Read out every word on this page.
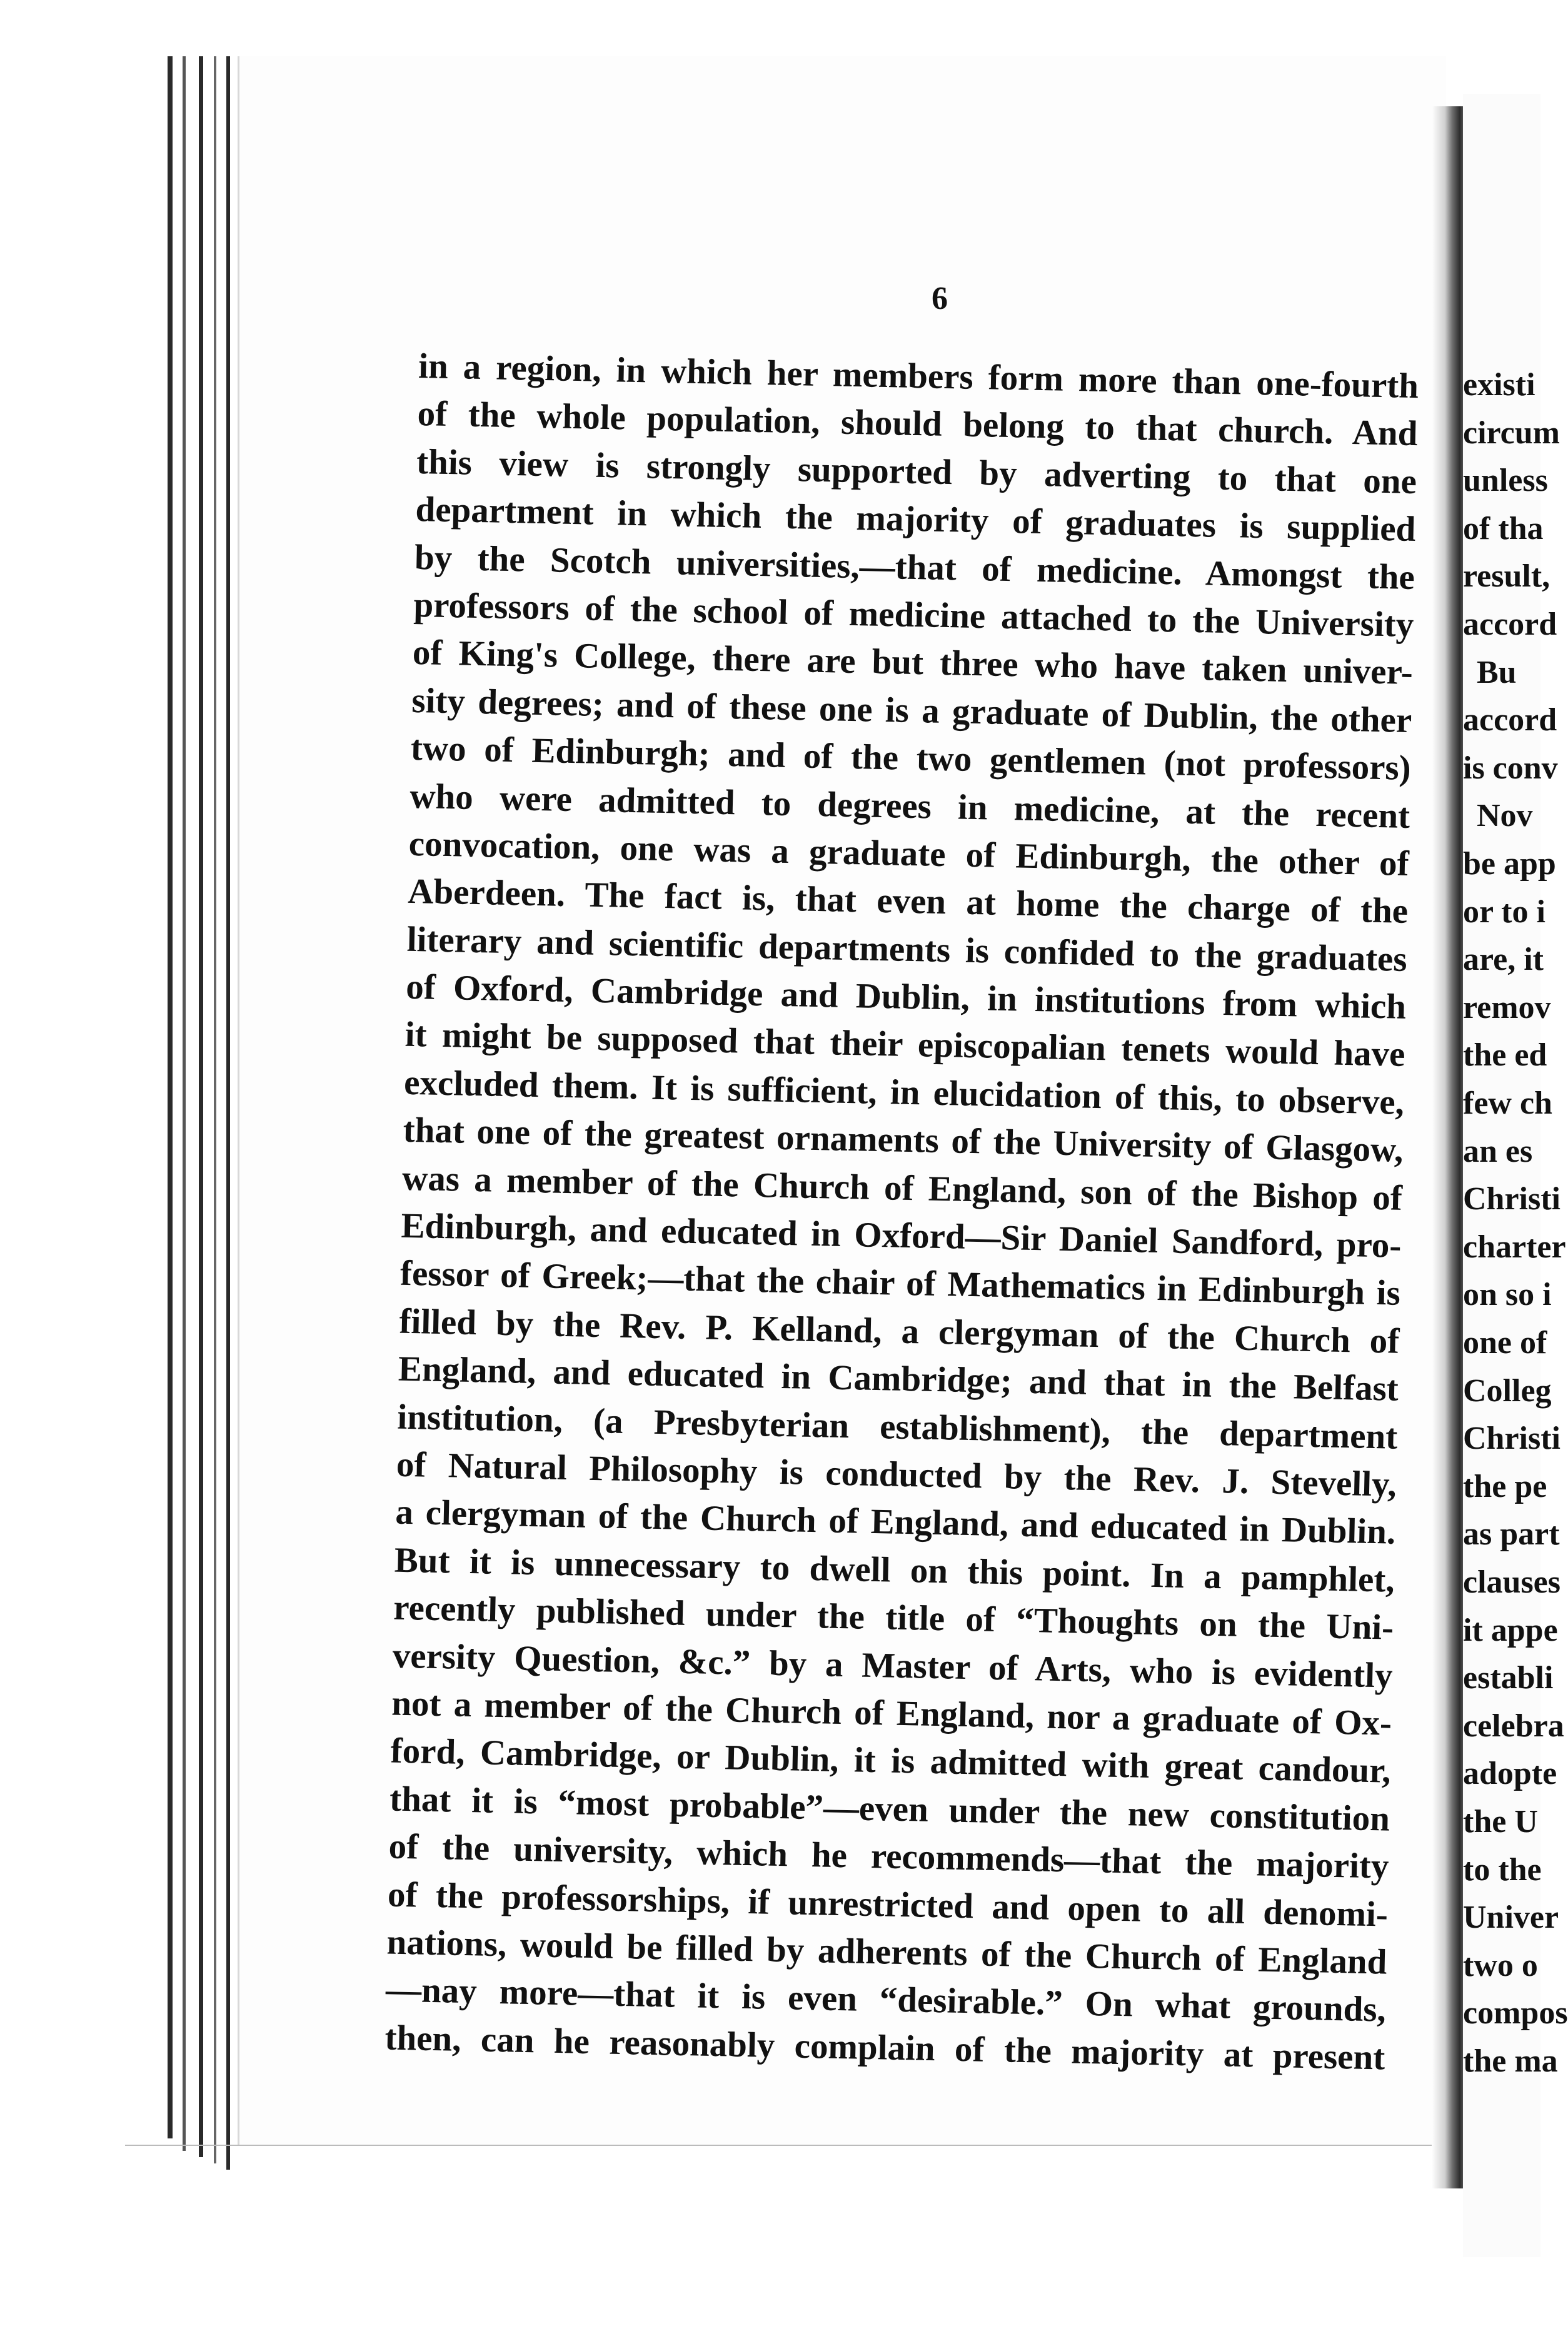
6
in a region, in which her members form more than one-fourth
of the whole population, should belong to that church. And
this view is strongly supported by adverting to that one
department in which the majority of graduates is supplied
by the Scotch universities,—that of medicine. Amongst the
professors of the school of medicine attached to the University
of King's College, there are but three who have taken univer-
sity degrees; and of these one is a graduate of Dublin, the other
two of Edinburgh; and of the two gentlemen (not professors)
who were admitted to degrees in medicine, at the recent
convocation, one was a graduate of Edinburgh, the other of
Aberdeen. The fact is, that even at home the charge of the
literary and scientific departments is confided to the graduates
of Oxford, Cambridge and Dublin, in institutions from which
it might be supposed that their episcopalian tenets would have
excluded them. It is sufficient, in elucidation of this, to observe,
that one of the greatest ornaments of the University of Glasgow,
was a member of the Church of England, son of the Bishop of
Edinburgh, and educated in Oxford—Sir Daniel Sandford, pro-
fessor of Greek;—that the chair of Mathematics in Edinburgh is
filled by the Rev. P. Kelland, a clergyman of the Church of
England, and educated in Cambridge; and that in the Belfast
institution, (a Presbyterian establishment), the department
of Natural Philosophy is conducted by the Rev. J. Stevelly,
a clergyman of the Church of England, and educated in Dublin.
But it is unnecessary to dwell on this point. In a pamphlet,
recently published under the title of “Thoughts on the Uni-
versity Question, &c.” by a Master of Arts, who is evidently
not a member of the Church of England, nor a graduate of Ox-
ford, Cambridge, or Dublin, it is admitted with great candour,
that it is “most probable”—even under the new constitution
of the university, which he recommends—that the majority
of the professorships, if unrestricted and open to all denomi-
nations, would be filled by adherents of the Church of England
—nay more—that it is even “desirable.” On what grounds,
then, can he reasonably complain of the majority at present
existi
circum
unless
of tha
result,
accord
Bu
accord
is conv
Nov
be app
or to i
are, it
remov
the ed
few ch
an es
Christi
charter
on so i
one of
Colleg
Christi
the pe
as part
clauses
it appe
establi
celebra
adopte
the U
to the
Univer
two o
compos
the ma
